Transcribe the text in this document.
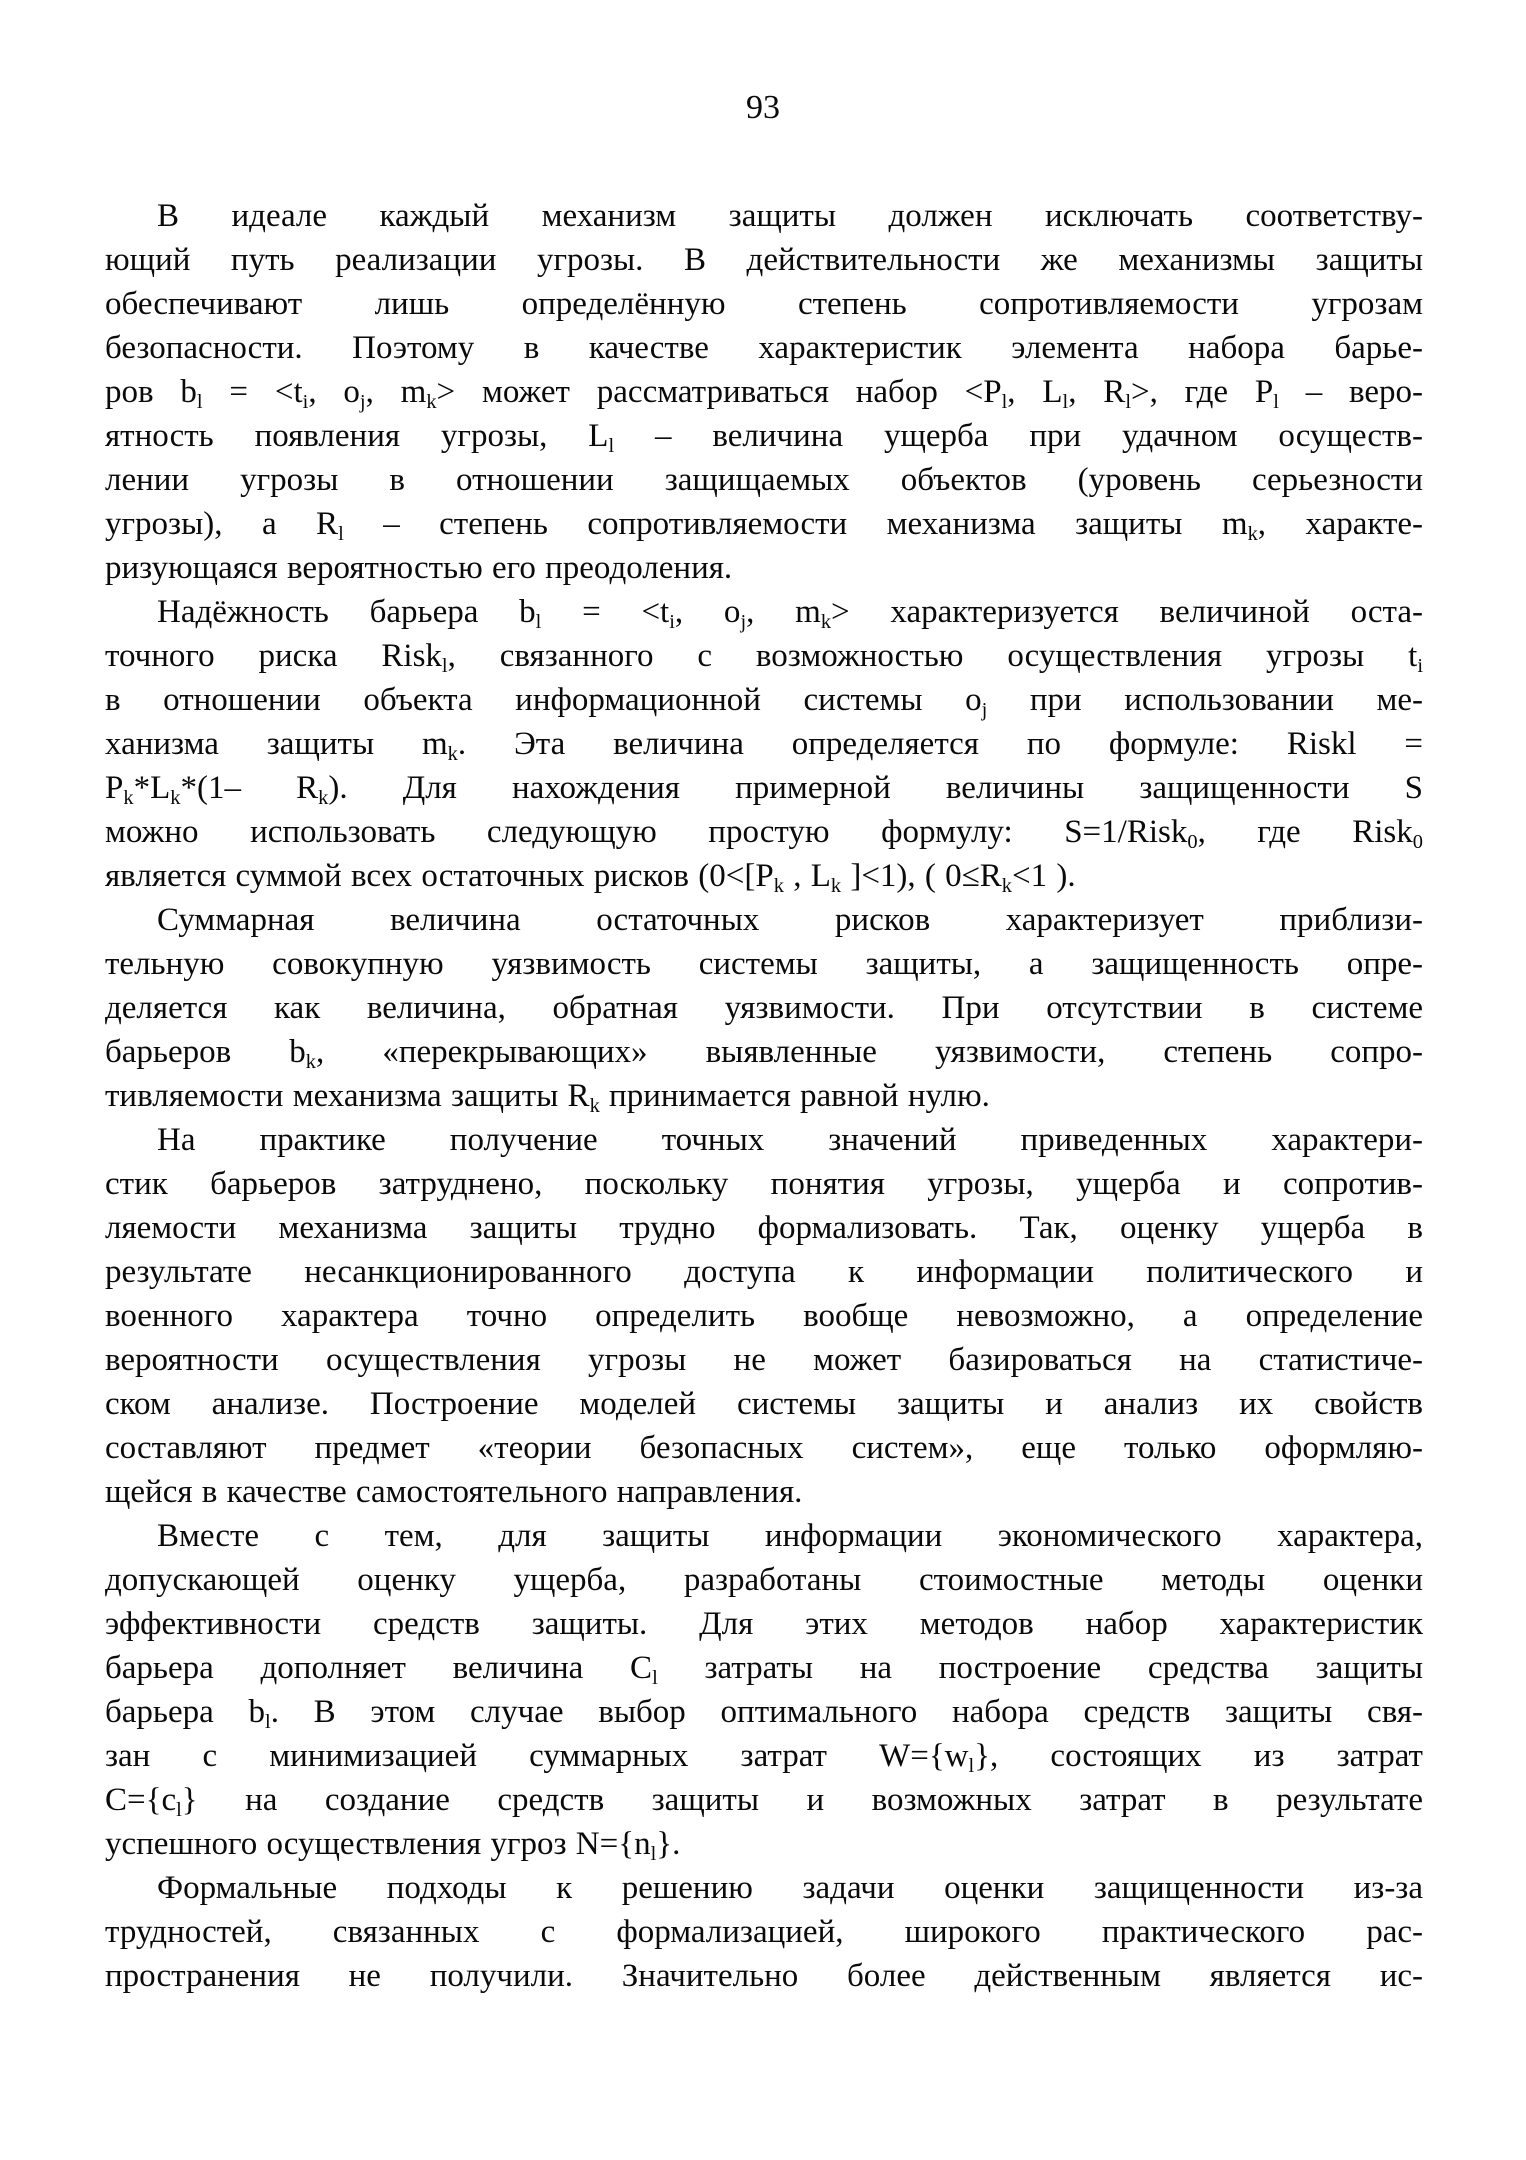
93

В идеале каждый механизм защиты должен исключать соответству-
ющий путь реализации угрозы. В действительности же механизмы защиты
обеспечивают лишь определённую степень сопротивляемости угрозам
безопасности. Поэтому в качестве характеристик элемента набора барье-
ров $b_l = <t_i$, $o_j$, $m_k>$ может рассматриваться набор $<P_l$, $L_l$, $R_l>$, где $P_l$ – веро-
ятность появления угрозы, $L_l$ – величина ущерба при удачном осуществ-
лении угрозы в отношении защищаемых объектов (уровень серьезности
угрозы), а $R_l$ – степень сопротивляемости механизма защиты $m_k$, характе-
ризующаяся вероятностью его преодоления.

Надёжность барьера $b_l = <t_i$, $o_j$, $m_k>$ характеризуется величиной оста-
точного риска Risk$_l$, связанного с возможностью осуществления угрозы $t_i$
в отношении объекта информационной системы $o_j$ при использовании ме-
ханизма защиты $m_k$. Эта величина определяется по формуле: Riskl =
$P_k*L_k*(1-$ $R_k$). Для нахождения примерной величины защищенности S
можно использовать следующую простую формулу: S=1/Risk$_0$, где Risk$_0$
является суммой всех остаточных рисков ($0<[P_k$ , $L_k$ ]<1), ( $0\le R_k<1$ ).

Суммарная величина остаточных рисков характеризует приблизи-
тельную совокупную уязвимость системы защиты, а защищенность опре-
деляется как величина, обратная уязвимости. При отсутствии в системе
барьеров $b_k$, «перекрывающих» выявленные уязвимости, степень сопро-
тивляемости механизма защиты $R_k$ принимается равной нулю.

На практике получение точных значений приведенных характери-
стик барьеров затруднено, поскольку понятия угрозы, ущерба и сопротив-
ляемости механизма защиты трудно формализовать. Так, оценку ущерба в
результате несанкционированного доступа к информации политического и
военного характера точно определить вообще невозможно, а определение
вероятности осуществления угрозы не может базироваться на статистиче-
ском анализе. Построение моделей системы защиты и анализ их свойств
составляют предмет «теории безопасных систем», еще только оформляю-
щейся в качестве самостоятельного направления.

Вместе с тем, для защиты информации экономического характера,
допускающей оценку ущерба, разработаны стоимостные методы оценки
эффективности средств защиты. Для этих методов набор характеристик
барьера дополняет величина $C_l$ затраты на построение средства защиты
барьера $b_l$. В этом случае выбор оптимального набора средств защиты свя-
зан с минимизацией суммарных затрат $W=\{w_l\}$, состоящих из затрат
$C=\{c_l\}$ на создание средств защиты и возможных затрат в результате
успешного осуществления угроз $N=\{n_l\}$.

Формальные подходы к решению задачи оценки защищенности из-за
трудностей, связанных с формализацией, широкого практического рас-
пространения не получили. Значительно более действенным является ис-
